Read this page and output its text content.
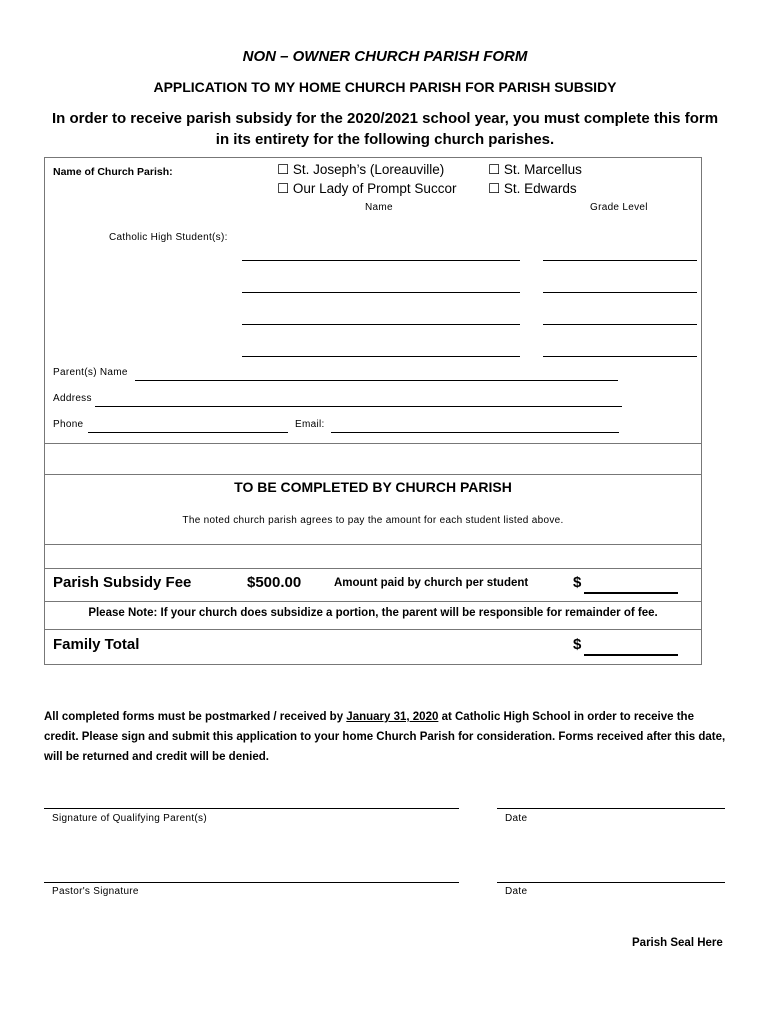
NON – OWNER CHURCH PARISH FORM
APPLICATION TO MY HOME CHURCH PARISH FOR PARISH SUBSIDY
In order to receive parish subsidy for the 2020/2021 school year, you must complete this form in its entirety for the following church parishes.
Name of Church Parish:	☐ St. Joseph’s (Loreauville)	☐ St. Marcellus
☐ Our Lady of Prompt Succor ☐ St. Edwards
Name	Grade Level
Catholic High Student(s):
Parent(s) Name
Address
Phone	Email:
TO BE COMPLETED BY CHURCH PARISH
The noted church parish agrees to pay the amount for each student listed above.
Parish Subsidy Fee	$500.00	Amount paid by church per student	$
Please Note: If your church does subsidize a portion, the parent will be responsible for remainder of fee.
Family Total	$
All completed forms must be postmarked / received by January 31, 2020 at Catholic High School in order to receive the credit. Please sign and submit this application to your home Church Parish for consideration. Forms received after this date, will be returned and credit will be denied.
Signature of Qualifying Parent(s)	Date
Pastor's Signature	Date
Parish Seal Here
